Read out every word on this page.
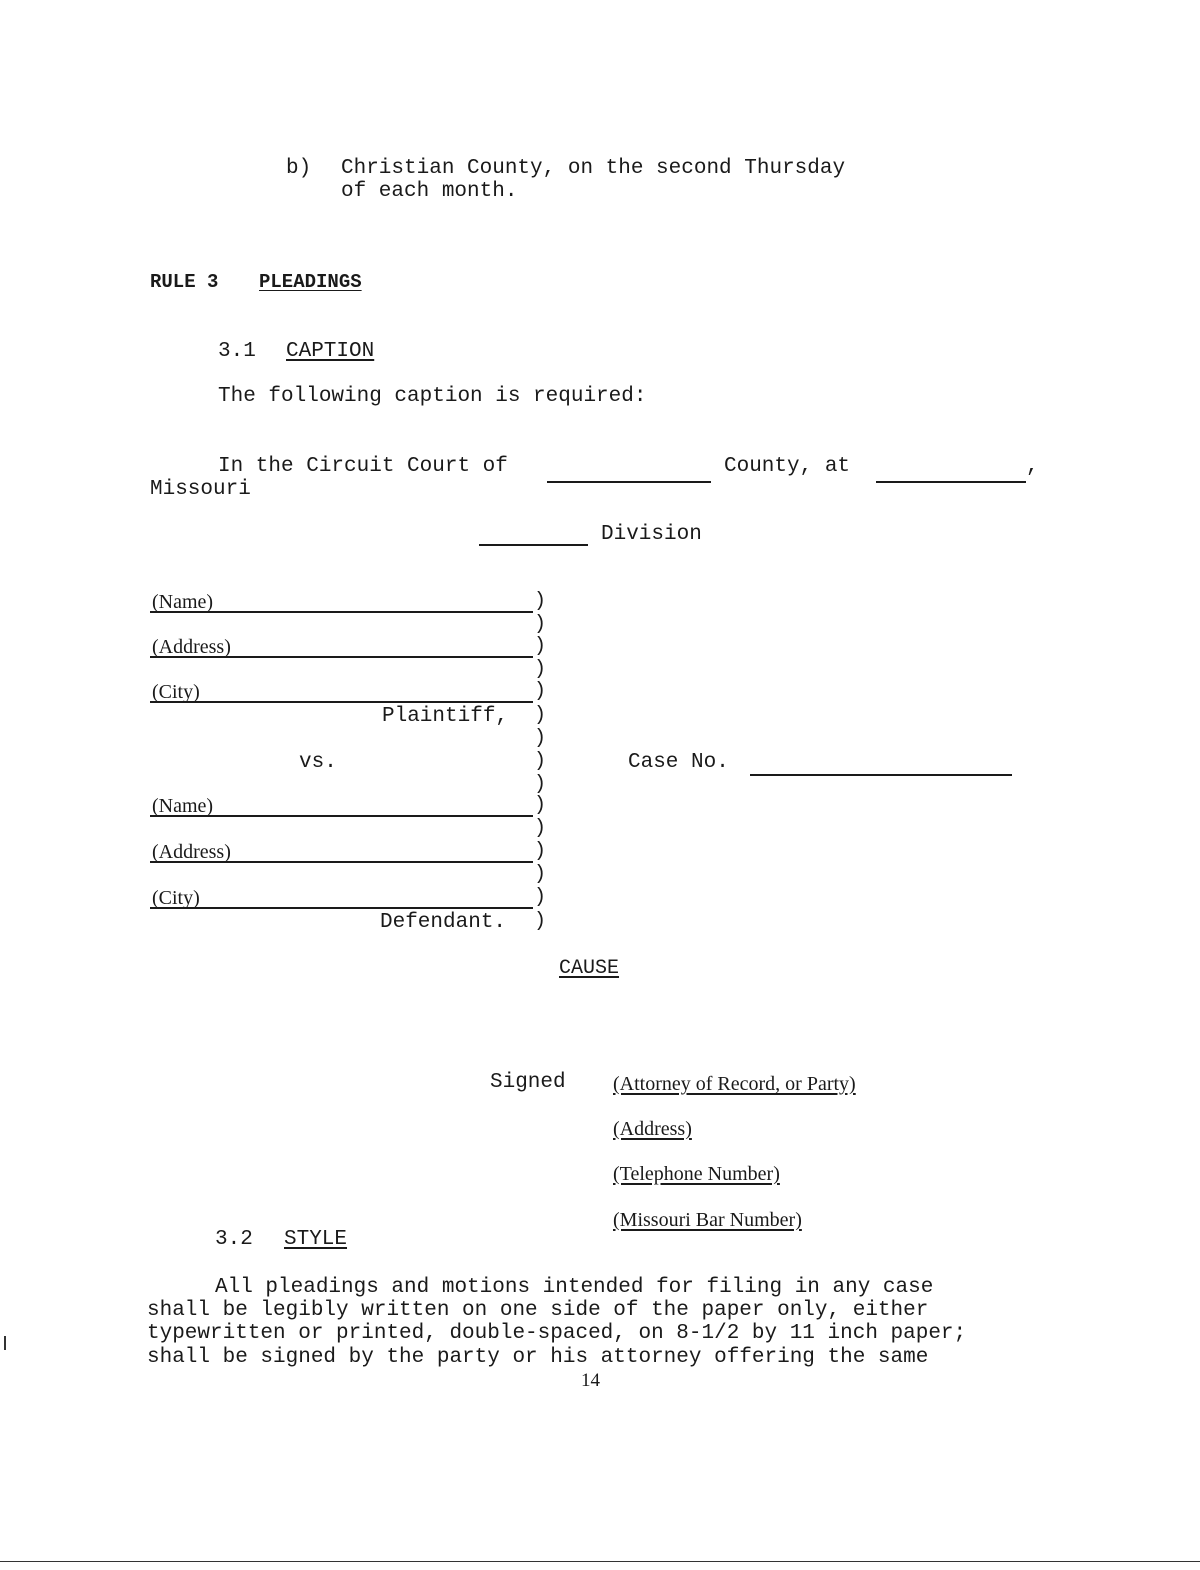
b) Christian County, on the second Thursday
of each month.
RULE 3 PLEADINGS
3.1 CAPTION
The following caption is required:
In the Circuit Court of	County, at	,
Missouri
Division
(Name)
(Address)
(City)
Plaintiff,
vs.
(Name)
(Address)
(City)
Defendant.
)
)
)
)
)
)
)
)
)
)
)
)
)
)
)
Case No.
CAUSE
Signed (Attorney of Record, or Party)
(Address)
(Telephone Number)
(Missouri Bar Number)
3.2 STYLE
All pleadings and motions intended for filing in any case
shall be legibly written on one side of the paper only, either
typewritten or printed, double-spaced, on 8-1/2 by 11 inch paper;
shall be signed by the party or his attorney offering the same
14
